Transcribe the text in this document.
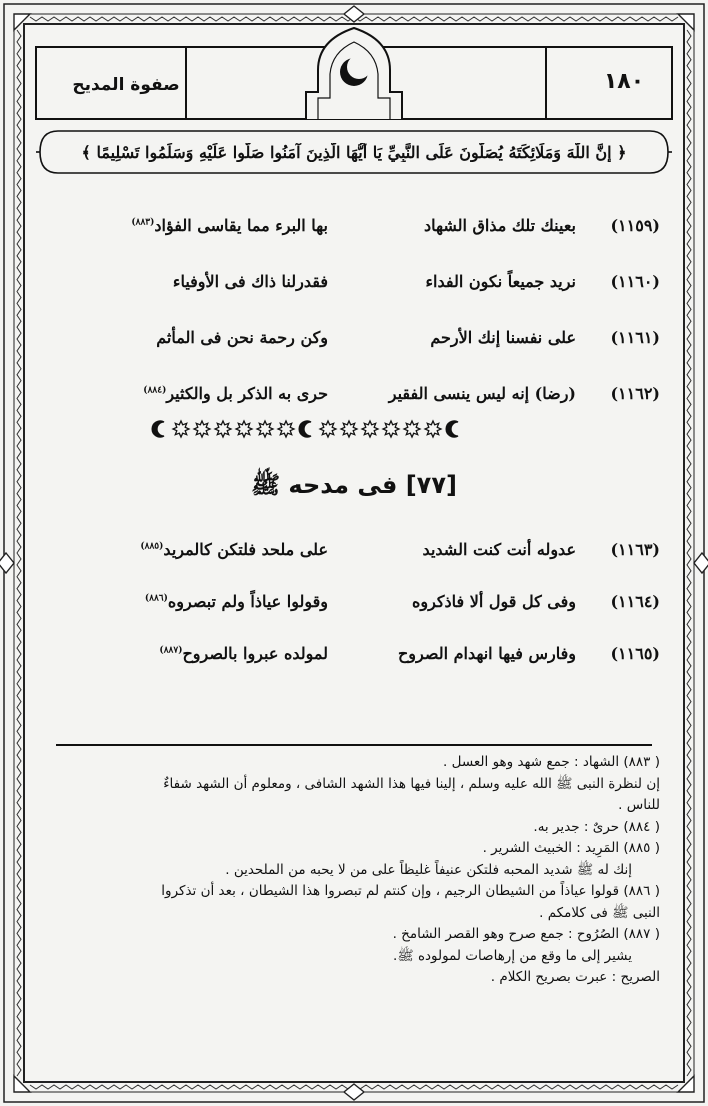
صفوة المديح	١٨٠
﴿ إِنَّ اللَّهَ وَمَلَائِكَتَهُ يُصَلُّونَ عَلَى النَّبِيِّ يَا أَيُّهَا الَّذِينَ آمَنُوا صَلُّوا عَلَيْهِ وَسَلِّمُوا تَسْلِيمًا ﴾
(١١٥٩)
بعينك تلك مذاق الشهاد
بها البرء مما يقاسى الفؤاد$^{(٨٨٣)}$
(١١٦٠)
نريد جميعاً نكون الفداء
فقدرلنا ذاك فى الأوفياء
(١١٦١)
على نفسنا إنك الأرحم
وكن رحمة نحن فى المأثم
(١١٦٢)
(رضا) إنه ليس ينسى الفقير
حرى به الذكر بل والكثير$^{(٨٨٤)}$
[٧٧] فى مدحه ﷺ
(١١٦٣)
عدوله أنت كنت الشديد
على ملحد فلتكن كالمريد$^{(٨٨٥)}$
(١١٦٤)
وفى كل قول ألا فاذكروه
وقولوا عياذاً ولم تبصروه$^{(٨٨٦)}$
(١١٦٥)
وفارس فيها انهدام الصروح
لمولده عبروا بالصروح$^{(٨٨٧)}$
( ٨٨٣) الشهاد : جمع شهد وهو العسل .
إن لنظرة النبى ﷺ الله عليه وسلم ، إلينا فيها هذا الشهد الشافى ، ومعلوم أن الشهد شفاءٌ
للناس .
( ٨٨٤) حرىٌ : جدير به.
( ٨٨٥) المَرِيد : الخبيث الشرير .
إنك له ﷺ شديد المحبه فلتكن عنيفاً غليظاً على من لا يحبه من الملحدين .
( ٨٨٦) قولوا عياذاً من الشيطان الرجيم ، وإن كنتم لم تبصروا هذا الشيطان ، بعد أن تذكروا
النبى ﷺ فى كلامكم .
( ٨٨٧) الصُرُوح : جمع صرح وهو القصر الشامخ .
يشير إلى ما وقع من إرهاصات لمولوده ﷺ.
الصريح : عبرت بصريح الكلام .
